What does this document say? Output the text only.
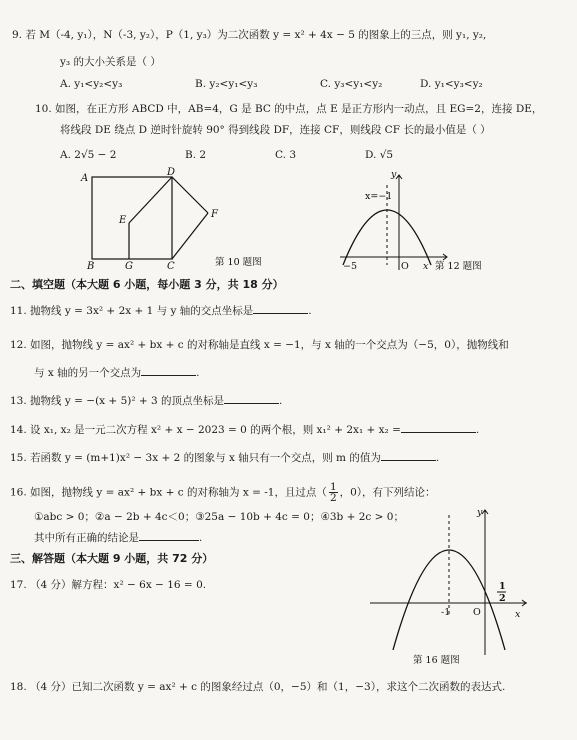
9. 若 M（-4, y₁），N（-3, y₂），P（1, y₃）为二次函数 y = x² + 4x − 5 的图象上的三点，则 y₁, y₂,
y₃ 的大小关系是（ ）
A. y₁<y₂<y₃	B. y₂<y₁<y₃	C. y₃<y₁<y₂	D. y₁<y₃<y₂
10. 如图，在正方形 ABCD 中，AB=4，G 是 BC 的中点，点 E 是正方形内一动点，且 EG=2，连接 DE，
将线段 DE 绕点 D 逆时针旋转 90° 得到线段 DF，连接 CF，则线段 CF 长的最小值是（ ）
A. 2√5 − 2	B. 2	C. 3	D. √5
A
D
E
F
B	G	C	第 10 题图
y
x=−1
−5	O x 第 12 题图
二、填空题（本大题 6 小题，每小题 3 分，共 18 分）
11. 抛物线 y = 3x² + 2x + 1 与 y 轴的交点坐标是	.
12. 如图，抛物线 y = ax² + bx + c 的对称轴是直线 x = −1，与 x 轴的一个交点为（−5，0），抛物线和
与 x 轴的另一个交点为	.
13. 抛物线 y = −(x + 5)² + 3 的顶点坐标是	.
14. 设 x₁, x₂ 是一元二次方程 x² + x − 2023 = 0 的两个根，则 x₁² + 2x₁ + x₂ =	.
15. 若函数 y = (m+1)x² − 3x + 2 的图象与 x 轴只有一个交点，则 m 的值为	.
16. 如图，抛物线 y = ax² + bx + c 的对称轴为 x = -1，且过点（ $\frac{1}{2}$ ，0），有下列结论：
①abc > 0；②a − 2b + 4c＜0；③25a − 10b + 4c = 0；④3b + 2c > 0；
其中所有正确的结论是	.
三、解答题（本大题 9 小题，共 72 分）
17. （4 分）解方程：x² − 6x − 16 = 0.
y
-1 O	x
1
2
第 16 题图
18. （4 分）已知二次函数 y = ax² + c 的图象经过点（0，−5）和（1，−3），求这个二次函数的表达式.
